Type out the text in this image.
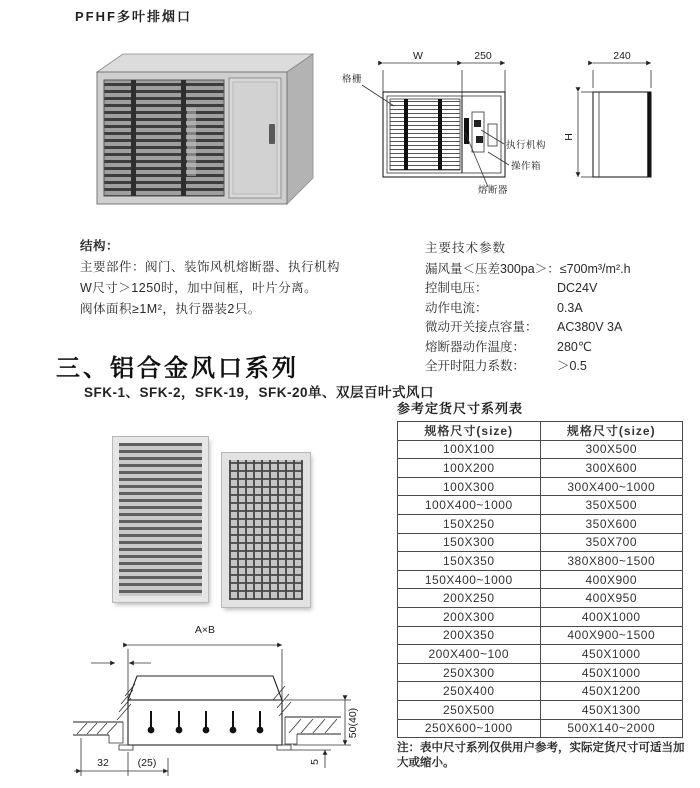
PFHF多叶排烟口
W	250
格栅
执行机构
操作箱
熔断器
240
H
结构：
主要部件：阀门、装饰风机熔断器、执行机构
W尺寸＞1250时，加中间框，叶片分离。
阀体面积≥1M²，执行器装2只。
主要技术参数
漏风量＜压差300pa＞： ≤700m³/m².h
控制电压：	DC24V
动作电流：	0.3A
微动开关接点容量：	AC380V 3A
熔断器动作温度：	280℃
全开时阻力系数：	＞0.5
三、铝合金风口系列
SFK-1、SFK-2，SFK-19，SFK-20单、双层百叶式风口
A×B
50(40)
5
32	(25)
参考定货尺寸系列表
规格尺寸(size)	规格尺寸(size)
100X100	300X500
100X200	300X600
100X300	300X400~1000
100X400~1000	350X500
150X250	350X600
150X300	350X700
150X350	380X800~1500
150X400~1000	400X900
200X250	400X950
200X300	400X1000
200X350	400X900~1500
200X400~100	450X1000
250X300	450X1000
250X400	450X1200
250X500	450X1300
250X600~1000	500X140~2000
注：表中尺寸系列仅供用户参考，实际定货尺寸可适当加大或缩小。
